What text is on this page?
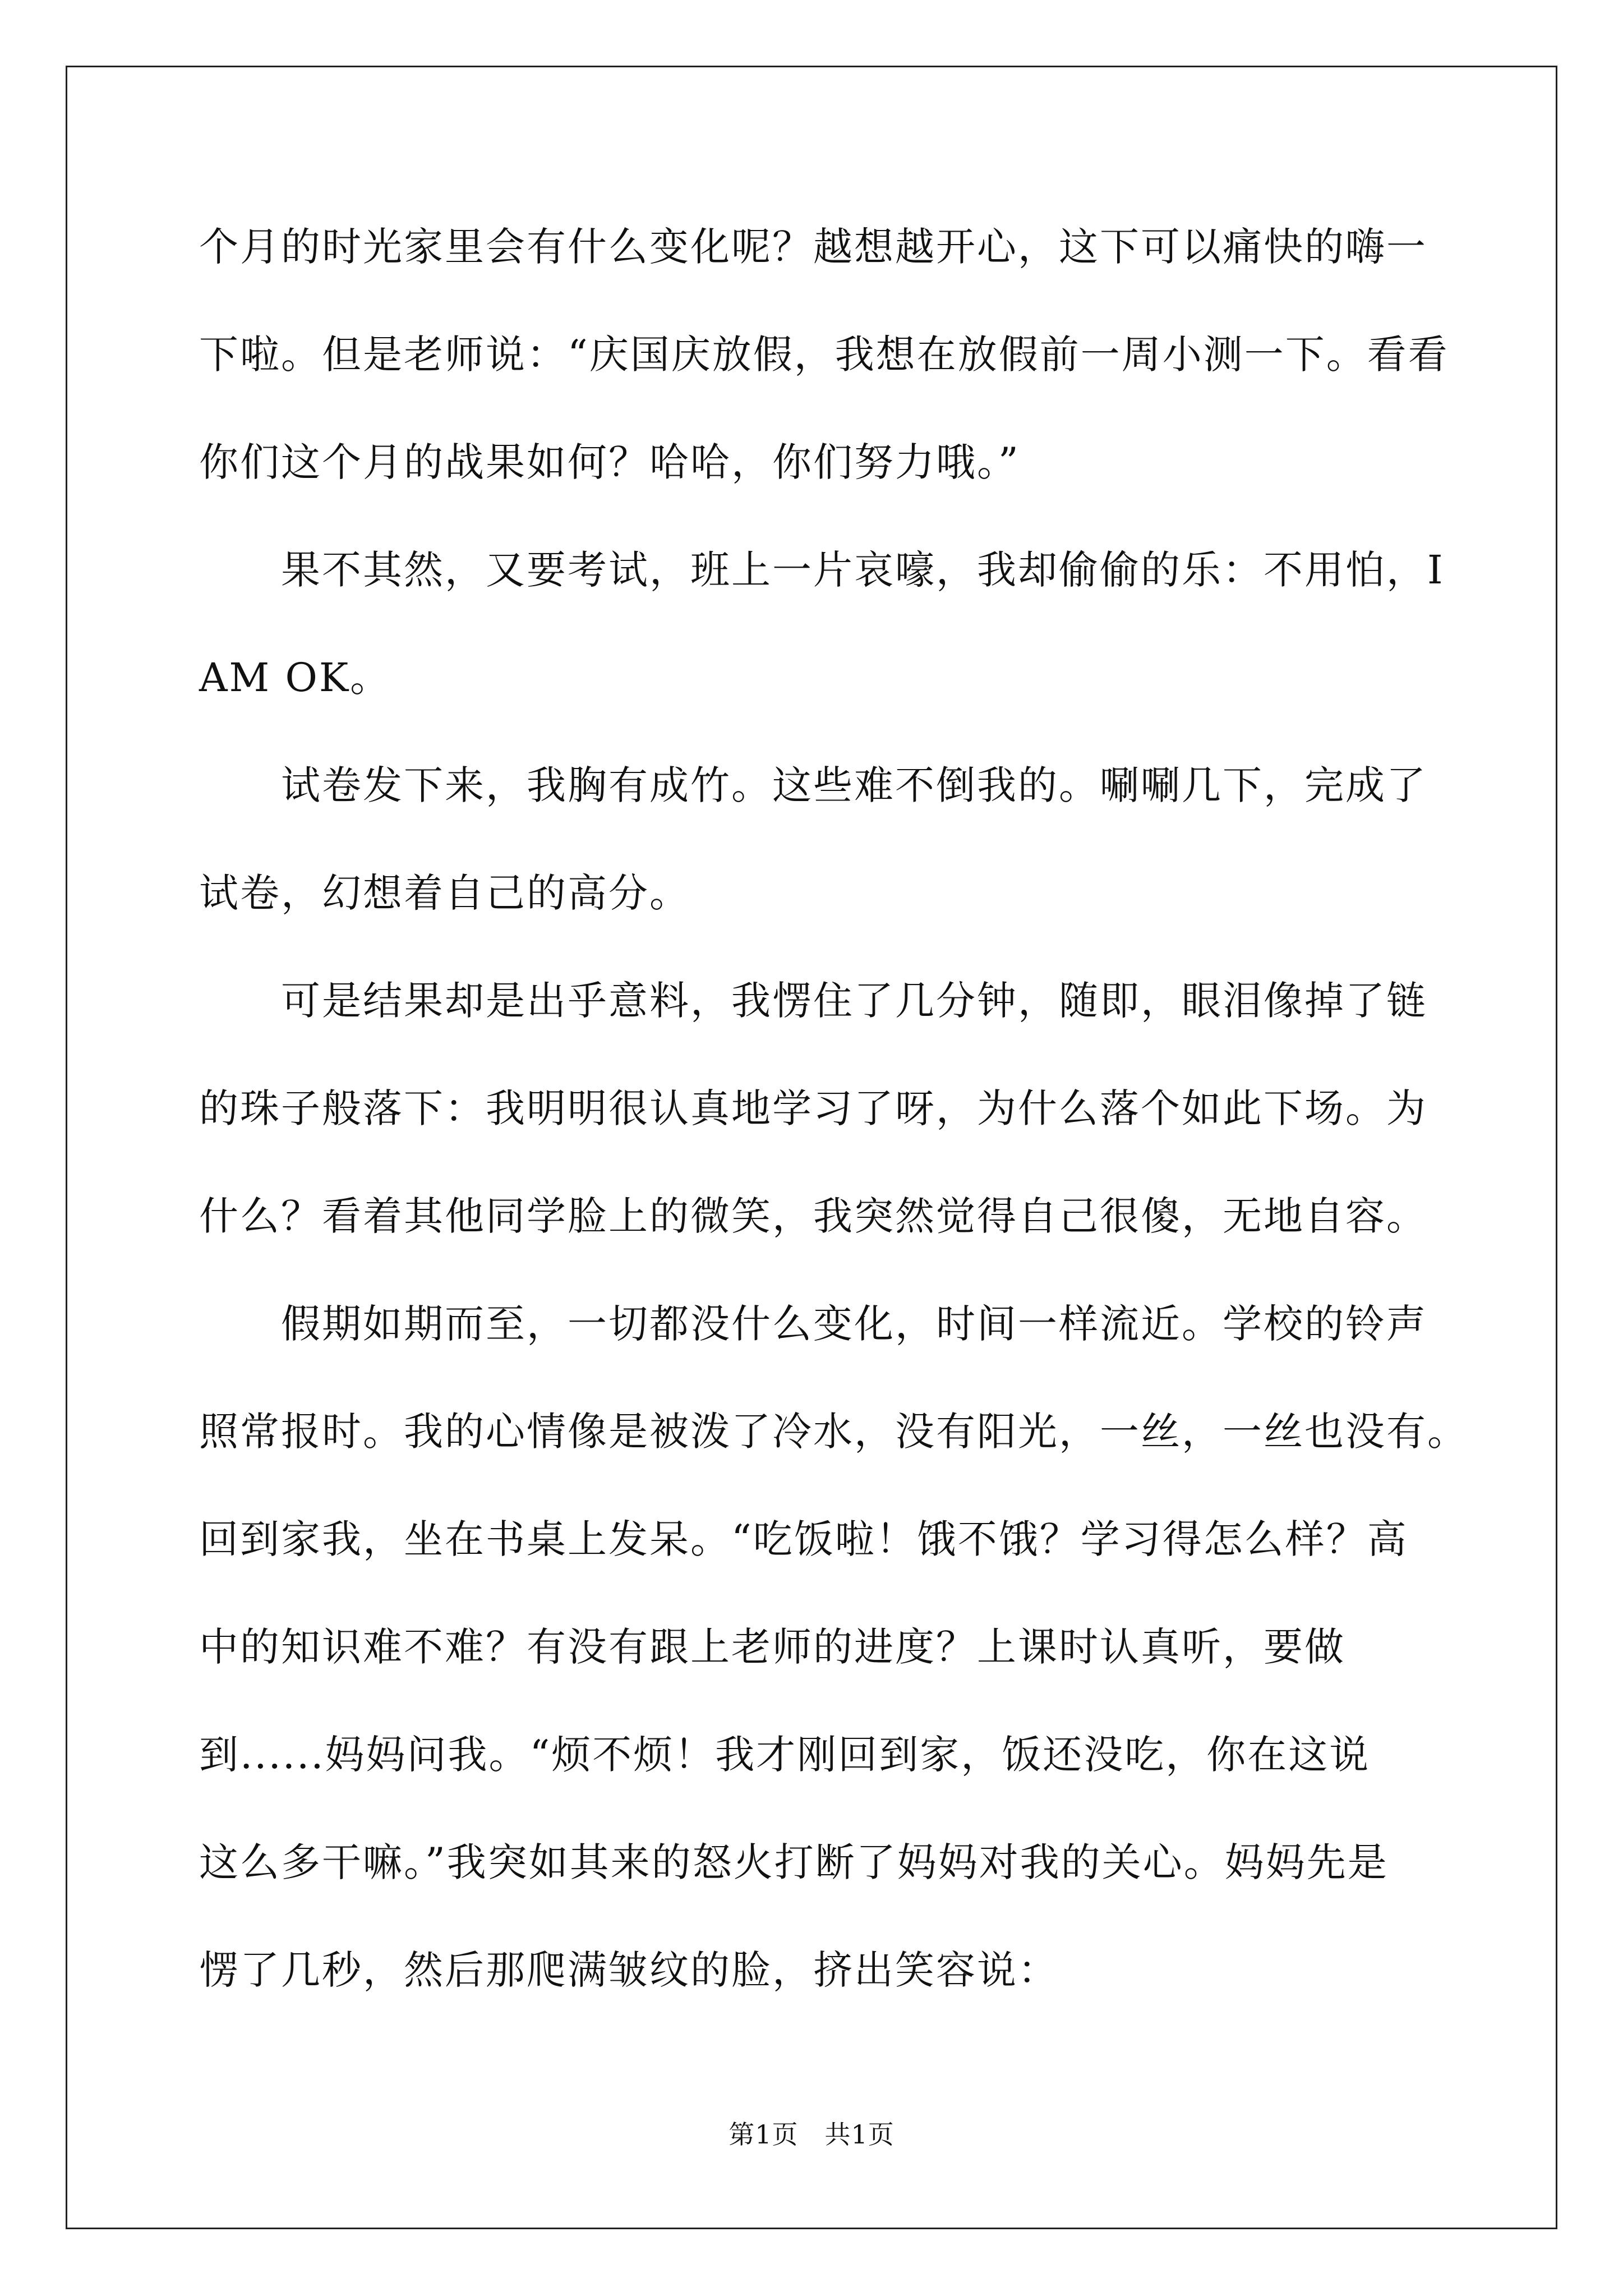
个月的时光家里会有什么变化呢？越想越开心，这下可以痛快的嗨一
下啦。但是老师说：“庆国庆放假，我想在放假前一周小测一下。看看
你们这个月的战果如何？哈哈，你们努力哦。”
　　果不其然，又要考试，班上一片哀嚎，我却偷偷的乐：不用怕，I
AM OK。
　　试卷发下来，我胸有成竹。这些难不倒我的。唰唰几下，完成了
试卷，幻想着自己的高分。
　　可是结果却是出乎意料，我愣住了几分钟，随即，眼泪像掉了链
的珠子般落下：我明明很认真地学习了呀，为什么落个如此下场。为
什么？看着其他同学脸上的微笑，我突然觉得自己很傻，无地自容。
　　假期如期而至，一切都没什么变化，时间一样流近。学校的铃声
照常报时。我的心情像是被泼了冷水，没有阳光，一丝，一丝也没有。
回到家我，坐在书桌上发呆。“吃饭啦！饿不饿？学习得怎么样？高
中的知识难不难？有没有跟上老师的进度？上课时认真听，要做
到......妈妈问我。“烦不烦！我才刚回到家，饭还没吃，你在这说
这么多干嘛。”我突如其来的怒火打断了妈妈对我的关心。妈妈先是
愣了几秒，然后那爬满皱纹的脸，挤出笑容说：
第1页　共1页
